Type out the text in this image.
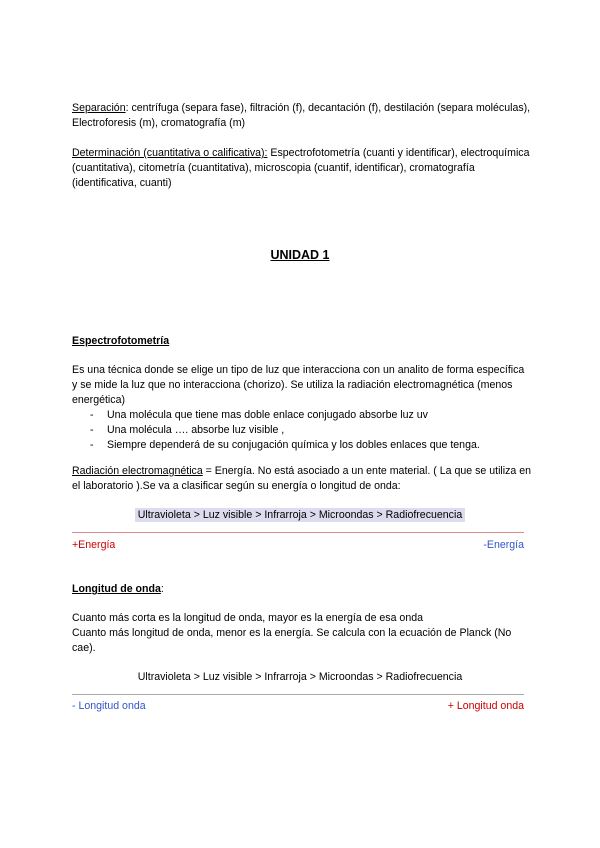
Separación: centrífuga (separa fase), filtración (f), decantación (f), destilación (separa moléculas), Electroforesis (m), cromatografía (m)
Determinación (cuantitativa o calificativa): Espectrofotometría (cuanti y identificar), electroquímica (cuantitativa), citometría (cuantitativa), microscopia (cuantif, identificar), cromatografía (identificativa, cuanti)
UNIDAD 1
Espectrofotometría
Es una técnica donde se elige un tipo de luz que interacciona con un analito de forma específica y se mide la luz que no interacciona (chorizo). Se utiliza la radiación electromagnética (menos energética)
- Una molécula que tiene mas doble enlace conjugado absorbe luz uv
- Una molécula …. absorbe luz visible ,
- Siempre dependerá de su conjugación química y los dobles enlaces que tenga.
Radiación electromagnética = Energía. No está asociado a un ente material. ( La que se utiliza en el laboratorio ).Se va a clasificar según su energía o longitud de onda:
Ultravioleta > Luz visible > Infrarroja > Microondas > Radiofrecuencia
+Energía	-Energía
Longitud de onda:
Cuanto más corta es la longitud de onda, mayor es la energía de esa onda
Cuanto más longitud de onda, menor es la energía. Se calcula con la ecuación de Planck (No cae).
Ultravioleta > Luz visible > Infrarroja > Microondas > Radiofrecuencia
- Longitud onda	+ Longitud onda
